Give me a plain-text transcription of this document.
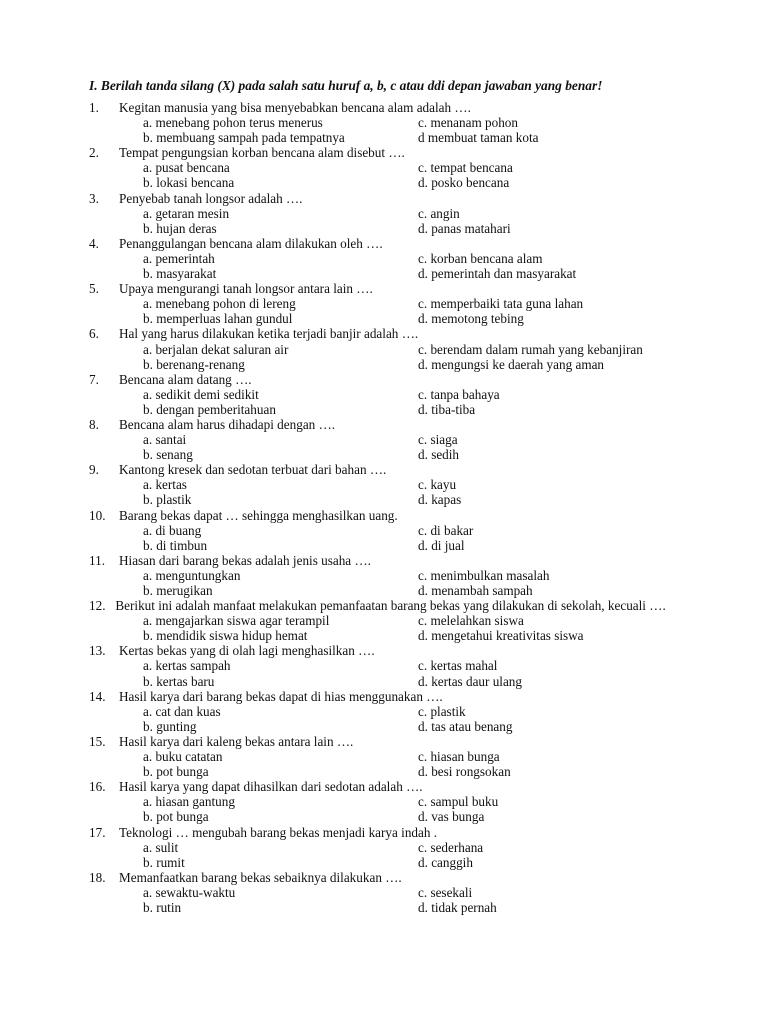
I. Berilah tanda silang (X) pada salah satu huruf a, b, c atau ddi depan jawaban yang benar!
1. Kegitan manusia yang bisa menyebabkan bencana alam adalah ….
a. menebang pohon terus menerus	c. menanam pohon
b. membuang sampah pada tempatnya	d membuat taman kota
2. Tempat pengungsian korban bencana alam disebut ….
a. pusat bencana	c. tempat bencana
b. lokasi bencana	d. posko bencana
3. Penyebab tanah longsor adalah ….
a. getaran mesin	c. angin
b. hujan deras	d. panas matahari
4. Penanggulangan bencana alam dilakukan oleh ….
a. pemerintah	c. korban bencana alam
b. masyarakat	d. pemerintah dan masyarakat
5. Upaya mengurangi tanah longsor antara lain ….
a. menebang pohon di lereng	c. memperbaiki tata guna lahan
b. memperluas lahan gundul	d. memotong tebing
6. Hal yang harus dilakukan ketika terjadi banjir adalah ….
a. berjalan dekat saluran air	c. berendam dalam rumah yang kebanjiran
b. berenang-renang	d. mengungsi ke daerah yang aman
7. Bencana alam datang ….
a. sedikit demi sedikit	c. tanpa bahaya
b. dengan pemberitahuan	d. tiba-tiba
8. Bencana alam harus dihadapi dengan ….
a. santai	c. siaga
b. senang	d. sedih
9. Kantong kresek dan sedotan terbuat dari bahan ….
a. kertas	c. kayu
b. plastik	d. kapas
10. Barang bekas dapat … sehingga menghasilkan uang.
a. di buang	c. di bakar
b. di timbun	d. di jual
11. Hiasan dari barang bekas adalah jenis usaha ….
a. menguntungkan	c. menimbulkan masalah
b. merugikan	d. menambah sampah
12. Berikut ini adalah manfaat melakukan pemanfaatan barang bekas yang dilakukan di sekolah, kecuali ….
a. mengajarkan siswa agar terampil	c. melelahkan siswa
b. mendidik siswa hidup hemat	d. mengetahui kreativitas siswa
13. Kertas bekas yang di olah lagi menghasilkan ….
a. kertas sampah	c. kertas mahal
b. kertas baru	d. kertas daur ulang
14. Hasil karya dari barang bekas dapat di hias menggunakan ….
a. cat dan kuas	c. plastik
b. gunting	d. tas atau benang
15. Hasil karya dari kaleng bekas antara lain ….
a. buku catatan	c. hiasan bunga
b. pot bunga	d. besi rongsokan
16. Hasil karya yang dapat dihasilkan dari sedotan adalah ….
a. hiasan gantung	c. sampul buku
b. pot bunga	d. vas bunga
17. Teknologi … mengubah barang bekas menjadi karya indah .
a. sulit	c. sederhana
b. rumit	d. canggih
18. Memanfaatkan barang bekas sebaiknya dilakukan ….
a. sewaktu-waktu	c. sesekali
b. rutin	d. tidak pernah
